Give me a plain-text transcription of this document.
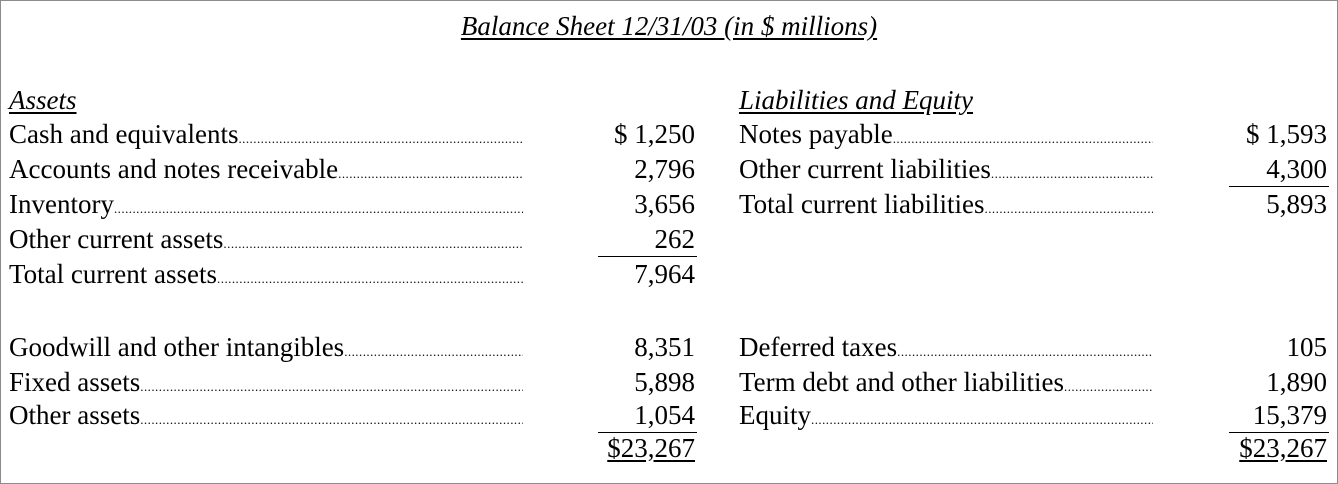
Balance Sheet 12/31/03 (in $ millions)
Assets
Cash and equivalents . . .	$ 1,250
Accounts and notes receivable . . .	2,796
Inventory . . .	3,656
Other current assets . . .	262
Total current assets . . .	7,964
Goodwill and other intangibles . . .	8,351
Fixed assets . . .	5,898
Other assets . . .	1,054
$23,267
Liabilities and Equity
Notes payable . . .	$ 1,593
Other current liabilities . . .	4,300
Total current liabilities . . .	5,893
Deferred taxes . . .	105
Term debt and other liabilities . . .	1,890
Equity . . .	15,379
$23,267
